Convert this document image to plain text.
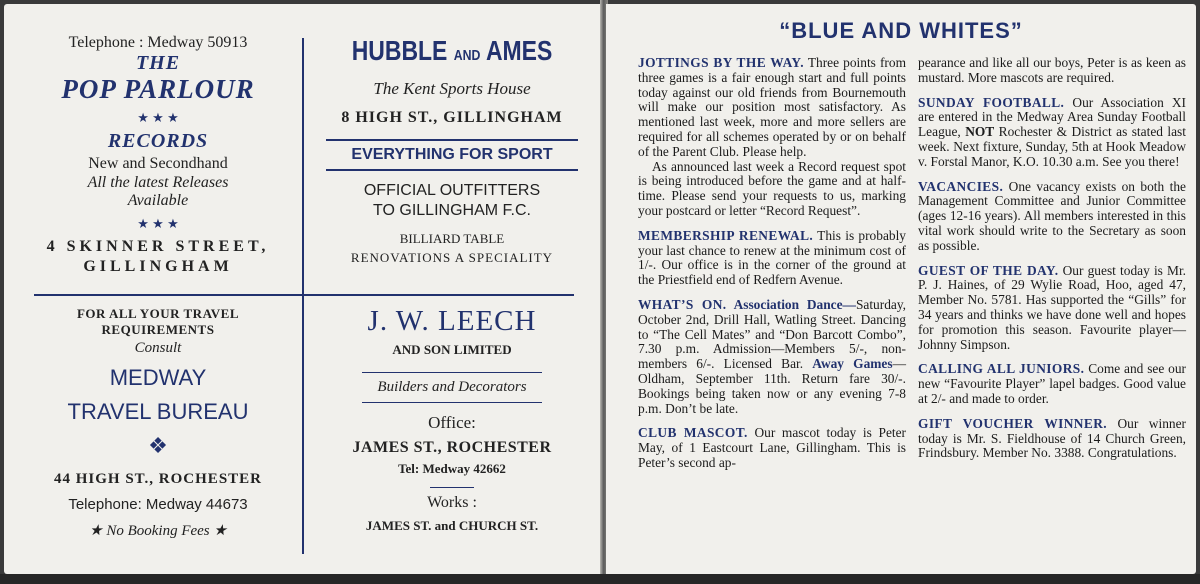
Telephone : Medway 50913
THE
POP PARLOUR
★ ★ ★
RECORDS
New and Secondhand
All the latest Releases
Available
★ ★ ★
4 SKINNER STREET,
GILLINGHAM
HUBBLE AND AMES
The Kent Sports House
8 HIGH ST., GILLINGHAM
EVERYTHING FOR SPORT
OFFICIAL OUTFITTERS
TO GILLINGHAM F.C.
BILLIARD TABLE
RENOVATIONS A SPECIALITY
FOR ALL YOUR TRAVEL
REQUIREMENTS
Consult
MEDWAY
TRAVEL BUREAU
❖
44 HIGH ST., ROCHESTER
Telephone: Medway 44673
★ No Booking Fees ★
J. W. LEECH
AND SON LIMITED
Builders and Decorators
Office:
JAMES ST., ROCHESTER
Tel: Medway 42662
Works :
JAMES ST. and CHURCH ST.
“BLUE AND WHITES”

JOTTINGS BY THE WAY. Three points from three games is a fair enough start and full points today against our old friends from Bournemouth will make our position most satisfactory. As mentioned last week, more and more sellers are required for all schemes operated by or on behalf of the Parent Club. Please help.
As announced last week a Record request spot is being introduced before the game and at half-time. Please send your requests to us, marking your postcard or letter “Record Request”.

MEMBERSHIP RENEWAL. This is probably your last chance to renew at the minimum cost of 1/-. Our office is in the corner of the ground at the Priestfield end of Redfern Avenue.

WHAT’S ON. Association Dance—Saturday, October 2nd, Drill Hall, Watling Street. Dancing to “The Cell Mates” and “Don Barcott Combo”, 7.30 p.m. Admission—Members 5/-, non-members 6/-. Licensed Bar. Away Games—Oldham, September 11th. Return fare 30/-. Bookings being taken now or any evening 7-8 p.m. Don’t be late.

CLUB MASCOT. Our mascot today is Peter May, of 1 Eastcourt Lane, Gillingham. This is Peter’s second ap-

pearance and like all our boys, Peter is as keen as mustard. More mascots are required.

SUNDAY FOOTBALL. Our Association XI are entered in the Medway Area Sunday Football League, NOT Rochester & District as stated last week. Next fixture, Sunday, 5th at Hook Meadow v. Forstal Manor, K.O. 10.30 a.m. See you there!

VACANCIES. One vacancy exists on both the Management Committee and Junior Committee (ages 12-16 years). All members interested in this vital work should write to the Secretary as soon as possible.

GUEST OF THE DAY. Our guest today is Mr. P. J. Haines, of 29 Wylie Road, Hoo, aged 47, Member No. 5781. Has supported the “Gills” for 34 years and thinks we have done well and hopes for promotion this season. Favourite player—Johnny Simpson.

CALLING ALL JUNIORS. Come and see our new “Favourite Player” lapel badges. Good value at 2/- and made to order.

GIFT VOUCHER WINNER. Our winner today is Mr. S. Fieldhouse of 14 Church Green, Frindsbury. Member No. 3388. Congratulations.
